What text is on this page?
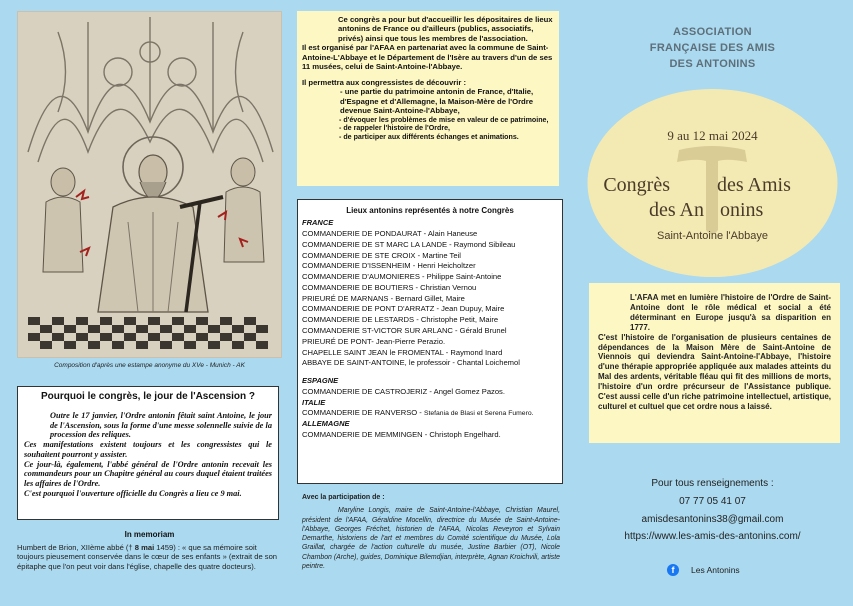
Composition d'après une estampe anonyme du XVe - Munich - AK
Pourquoi le congrès, le jour de l'Ascension ?
Outre le 17 janvier, l'Ordre antonin fêtait saint Antoine, le jour de l'Ascension, sous la forme d'une messe solennelle suivie de la procession des reliques.
Ces manifestations existent toujours et les congressistes qui le souhaitent pourront y assister.
Ce jour-là, également, l'abbé général de l'Ordre antonin recevait les commandeurs pour un Chapitre général au cours duquel étaient traitées les affaires de l'Ordre.
C'est pourquoi l'ouverture officielle du Congrès a lieu ce 9 mai.
In memoriam
Humbert de Brion, XIIème abbé († 8 mai 1459) : « que sa mémoire soit toujours pieusement conservée dans le cœur de ses enfants » (extrait de son épitaphe que l'on peut voir dans l'église, chapelle des quatre docteurs).
Ce congrès a pour but d'accueillir les dépositaires de lieux antonins de France ou d'ailleurs (publics, associatifs, privés) ainsi que tous les membres de l'association.
Il est organisé par l'AFAA en partenariat avec la commune de Saint-Antoine-L'Abbaye et le Département de l'Isère au travers d'un de ses 11 musées, celui de Saint-Antoine-l'Abbaye.
Il permettra aux congressistes de découvrir :
- une partie du patrimoine antonin de France, d'Italie, d'Espagne et d'Allemagne, la Maison-Mère de l'Ordre devenue Saint-Antoine-l'Abbaye,
- d'évoquer les problèmes de mise en valeur de ce patrimoine,
- de rappeler l'histoire de l'Ordre,
- de participer aux différents échanges et animations.
Lieux antonins représentés à notre Congrès
FRANCE
COMMANDERIE DE PONDAURAT - Alain Haneuse
COMMANDERIE DE ST MARC LA LANDE - Raymond Sibileau
COMMANDERIE DE STE CROIX - Martine Teil
COMMANDERIE D'ISSENHEIM - Henri Heicholtzer
COMMANDERIE D'AUMONIERES - Philippe Saint-Antoine
COMMANDERIE DE BOUTIERS - Christian Vernou
PRIEURÉ DE MARNANS - Bernard Gillet, Maire
COMMANDERIE DE PONT D'ARRATZ - Jean Dupuy, Maire
COMMANDERIE DE LESTARDS - Christophe Petit, Maire
COMMANDERIE ST-VICTOR SUR ARLANC - Gérald Brunel
PRIEURÉ DE PONT- Jean-Pierre Perazio.
CHAPELLE SAINT JEAN le FROMENTAL - Raymond Inard
ABBAYE DE SAINT-ANTOINE, le professoir - Chantal Loichemol
ESPAGNE
COMMANDERIE DE CASTROJERIZ - Angel Gomez Pazos.
ITALIE
COMMANDERIE DE RANVERSO - Stefania de Blasi et Serena Fumero.
ALLEMAGNE
COMMANDERIE DE MEMMINGEN - Christoph Engelhard.
Avec la participation de :
Maryline Longis, maire de Saint-Antoine-l'Abbaye, Christian Maurel, président de l'AFAA, Géraldine Mocellin, directrice du Musée de Saint-Antoine-l'Abbaye, Georges Fréchet, historien de l'AFAA, Nicolas Reveyron et Sylvain Demarthe, historiens de l'art et membres du Comité scientifique du Musée, Lola Graillat, chargée de l'action culturelle du musée, Justine Barbier (OT), Nicole Chambon (Arche), guides, Dominique Bilemdjian, interprète, Agnan Kroichvili, artiste peintre.
ASSOCIATION
FRANÇAISE DES AMIS
DES ANTONINS
9 au 12 mai 2024
Congrès des Amis
des An onins
Saint-Antoine l'Abbaye
L'AFAA met en lumière l'histoire de l'Ordre de Saint-Antoine dont le rôle médical et social a été déterminant en Europe jusqu'à sa disparition en 1777.
C'est l'histoire de l'organisation de plusieurs centaines de dépendances de la Maison Mère de Saint-Antoine de Viennois qui deviendra Saint-Antoine-l'Abbaye, l'histoire d'une thérapie appropriée appliquée aux malades atteints du Mal des ardents, véritable fléau qui fit des millions de morts, l'histoire d'un ordre précurseur de l'Assistance publique. C'est aussi celle d'un riche patrimoine intellectuel, artistique, culturel et cultuel que cet ordre nous a laissé.
Pour tous renseignements :
07 77 05 41 07
amisdesantonins38@gmail.com
https://www.les-amis-des-antonins.com/
f	Les Antonins
